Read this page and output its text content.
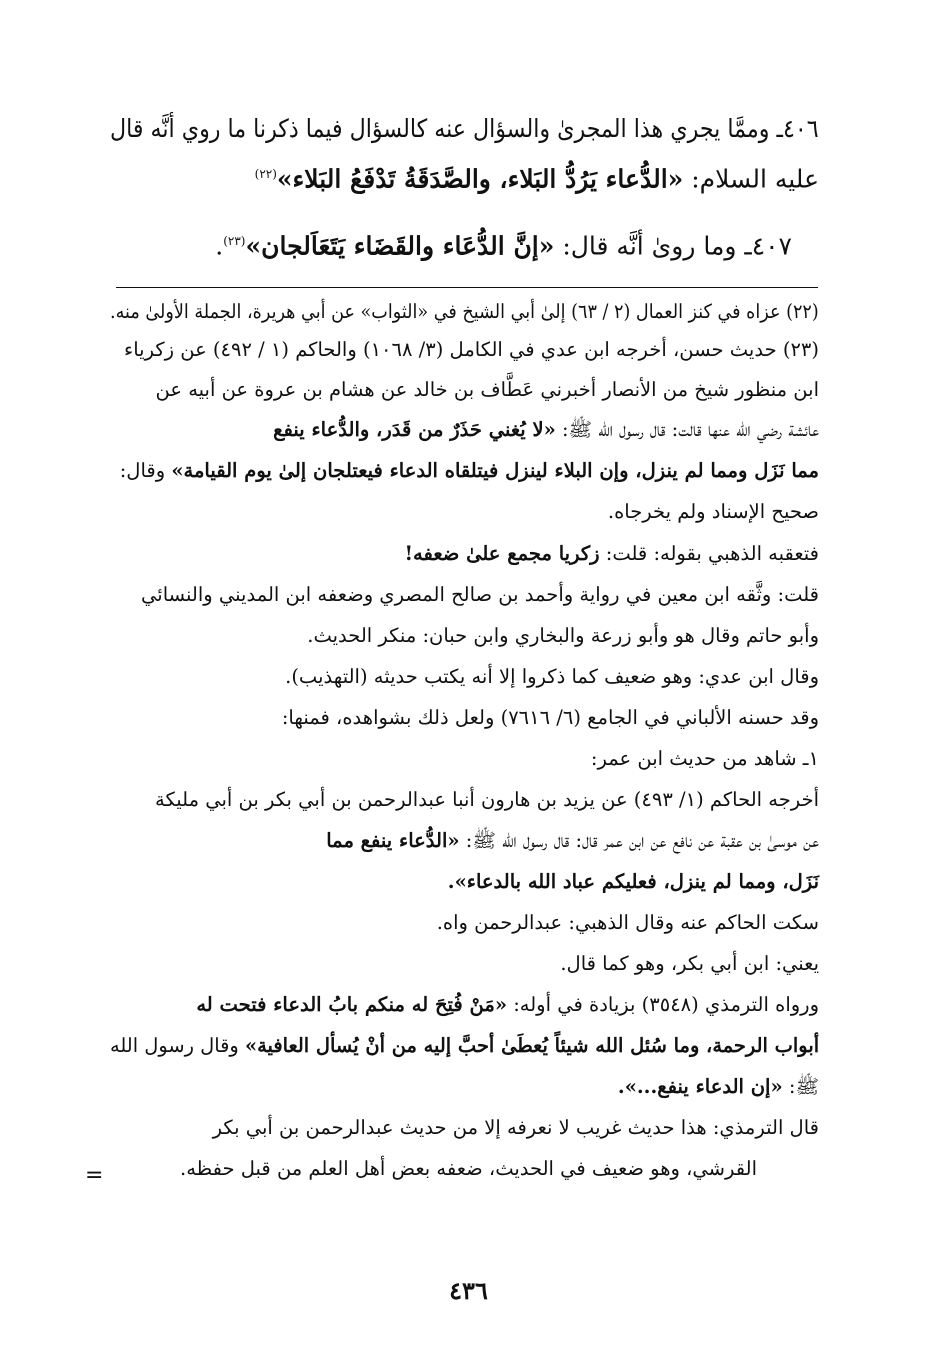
٤٠٦ـ وممَّا يجري هذا المجرىٰ والسؤال عنه كالسؤال فيما ذكرنا ما روي أنَّه قال

عليه السلام: «الدُّعاء يَرُدُّ البَلاء، والصَّدَقَةُ تَدْفَعُ البَلاء»$^{(٢٢)}$

٤٠٧ـ وما روىٰ أنَّه قال: «إنَّ الدُّعَاء والقَضَاء يَتَعَاَلجان»$^{(٢٣)}$.

(٢٢) عزاه في كنز العمال (٢ / ٦٣) إلىٰ أبي الشيخ في «الثواب» عن أبي هريرة، الجملة الأولىٰ منه.

(٢٣) حديث حسن، أخرجه ابن عدي في الكامل (٣/ ١٠٦٨) والحاكم (١ / ٤٩٢) عن زكرياء

ابن منظور شيخ من الأنصار أخبرني عَطَّاف بن خالد عن هشام بن عروة عن أبيه عن

عائشة رضي الله عنها قالت: قال رسول الله ﷺ: «لا يُغني حَذَرٌ من قَدَر، والدُّعاء ينفع

مما نَزَل ومما لم ينزل، وإن البلاء لينزل فيتلقاه الدعاء فيعتلجان إلىٰ يوم القيامة» وقال:

صحيح الإسناد ولم يخرجاه.

فتعقبه الذهبي بقوله: قلت: زكريا مجمع علىٰ ضعفه!

قلت: وثَّقه ابن معين في رواية وأحمد بن صالح المصري وضعفه ابن المديني والنسائي

وأبو حاتم وقال هو وأبو زرعة والبخاري وابن حبان: منكر الحديث.

وقال ابن عدي: وهو ضعيف كما ذكروا إلا أنه يكتب حديثه (التهذيب).

وقد حسنه الألباني في الجامع (٦/ ٧٦١٦) ولعل ذلك بشواهده، فمنها:

١ـ شاهد من حديث ابن عمر:

أخرجه الحاكم (١/ ٤٩٣) عن يزيد بن هارون أنبا عبدالرحمن بن أبي بكر بن أبي مليكة

عن موسىٰ بن عقبة عن نافع عن ابن عمر قال: قال رسول الله ﷺ: «الدُّعاء ينفع مما

نَزَل، ومما لم ينزل، فعليكم عباد الله بالدعاء».

سكت الحاكم عنه وقال الذهبي: عبدالرحمن واه.

يعني: ابن أبي بكر، وهو كما قال.

ورواه الترمذي (٣٥٤٨) بزيادة في أوله: «مَنْ فُتِحَ له منكم بابُ الدعاء فتحت له

أبواب الرحمة، وما سُئل الله شيئاً يُعطَىٰ أحبَّ إليه من أنْ يُسأل العافية» وقال رسول الله

ﷺ: «إن الدعاء ينفع...».

قال الترمذي: هذا حديث غريب لا نعرفه إلا من حديث عبدالرحمن بن أبي بكر

القرشي، وهو ضعيف في الحديث، ضعفه بعض أهل العلم من قبل حفظه.

=
٤٣٦
